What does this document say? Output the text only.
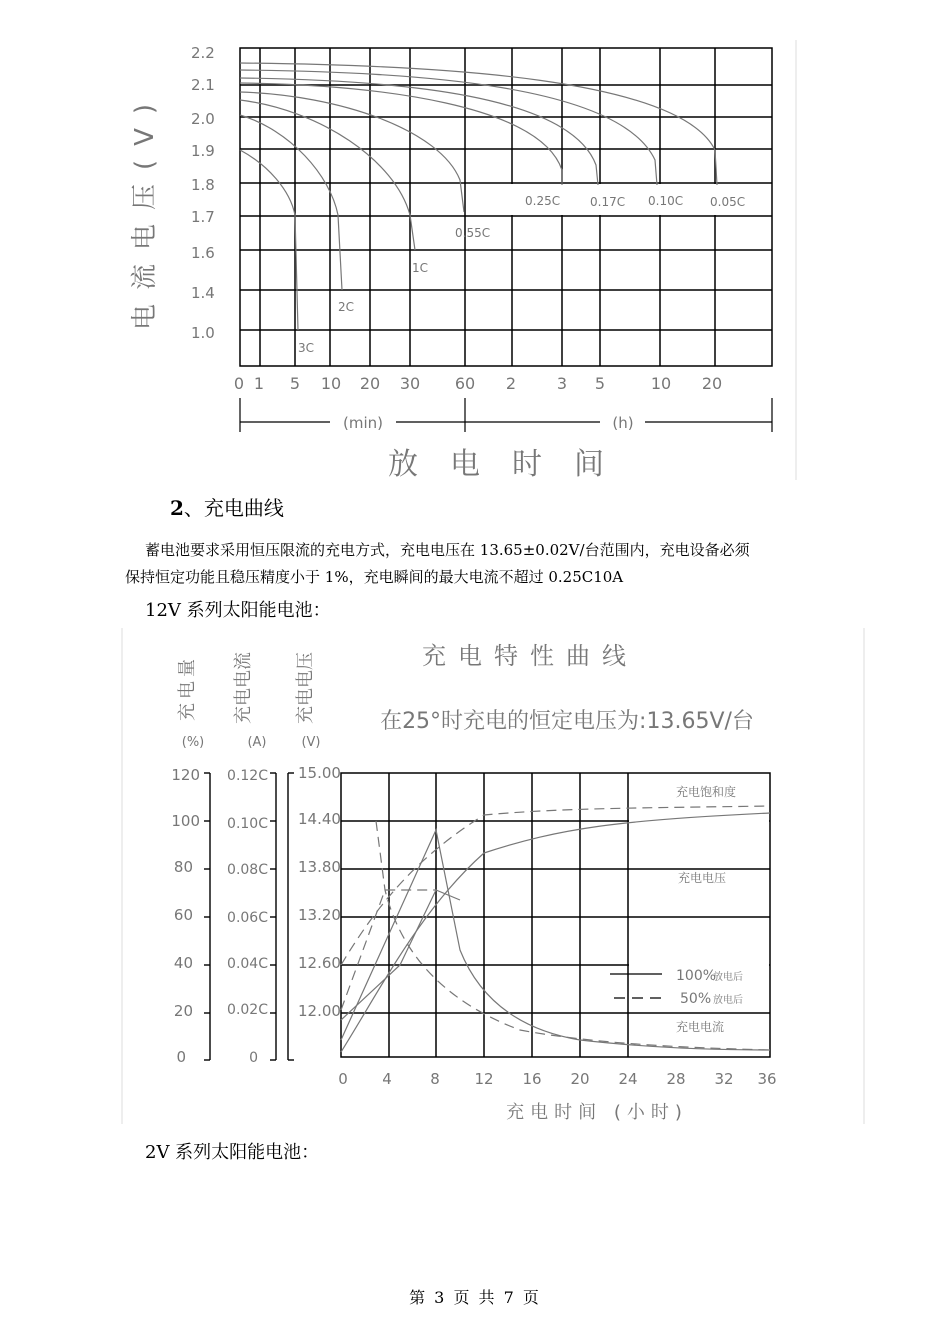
2.2
2.1
2.0
1.9
1.8
1.7
1.6
1.4
1.0
电流电压(V)
0 1 5 10 20 30 60 2	3 5	10 20
(min)	(h)
放电时间
3C
2C
1C
0.55C
0.25C 0.17C 0.10C 0.05C
2、充电曲线
蓄电池要求采用恒压限流的充电方式，充电电压在 13.65±0.02V/台范围内，充电设备必须
保持恒定功能且稳压精度小于 1%，充电瞬间的最大电流不超过 0.25C10A
12V 系列太阳能电池：
充电特性曲线
在25°时充电的恒定电压为:13.65V/台
充电量 充电电流 充电电压
(%)	(A)	(V)
120
100
80
60
40
20
0
0.12C
0.10C
0.08C
0.06C
0.04C
0.02C
0
15.00
14.40
13.80
13.20
12.60
12.00
充电饱和度
充电电压
充电电流
100%
放电后
50% 放电后
0 4	8 12 16 20 24 28 32 36
充电时间 (小时)
2V 系列太阳能电池：
第 3 页 共 7 页
